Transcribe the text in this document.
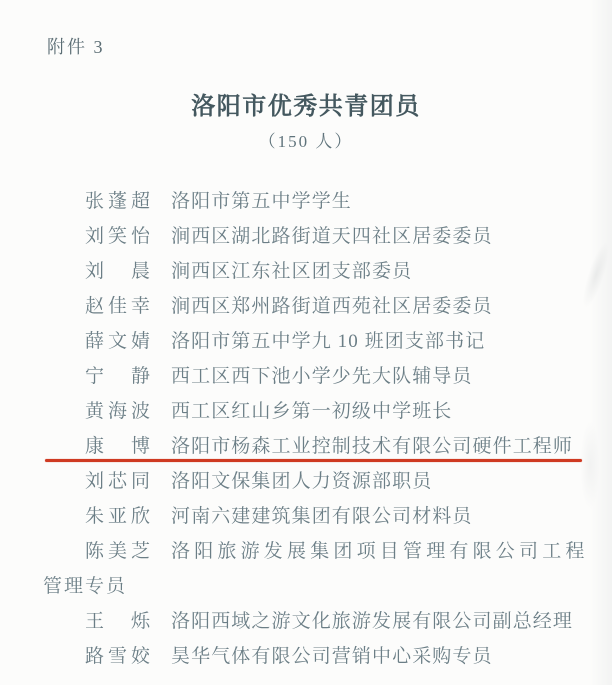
附件 3
洛阳市优秀共青团员
（150 人）
张蓬超 洛阳市第五中学学生
刘笑怡 涧西区湖北路街道天四社区居委委员
刘晨 涧西区江东社区团支部委员
赵佳幸 涧西区郑州路街道西苑社区居委委员
薛文婧 洛阳市第五中学九 10 班团支部书记
宁静 西工区西下池小学少先大队辅导员
黄海波 西工区红山乡第一初级中学班长
康博 洛阳市杨森工业控制技术有限公司硬件工程师
刘芯同 洛阳文保集团人力资源部职员
朱亚欣 河南六建建筑集团有限公司材料员
陈美芝 洛阳旅游发展集团项目管理有限公司工程
管理专员
王烁 洛阳西域之游文化旅游发展有限公司副总经理
路雪姣 昊华气体有限公司营销中心采购专员
